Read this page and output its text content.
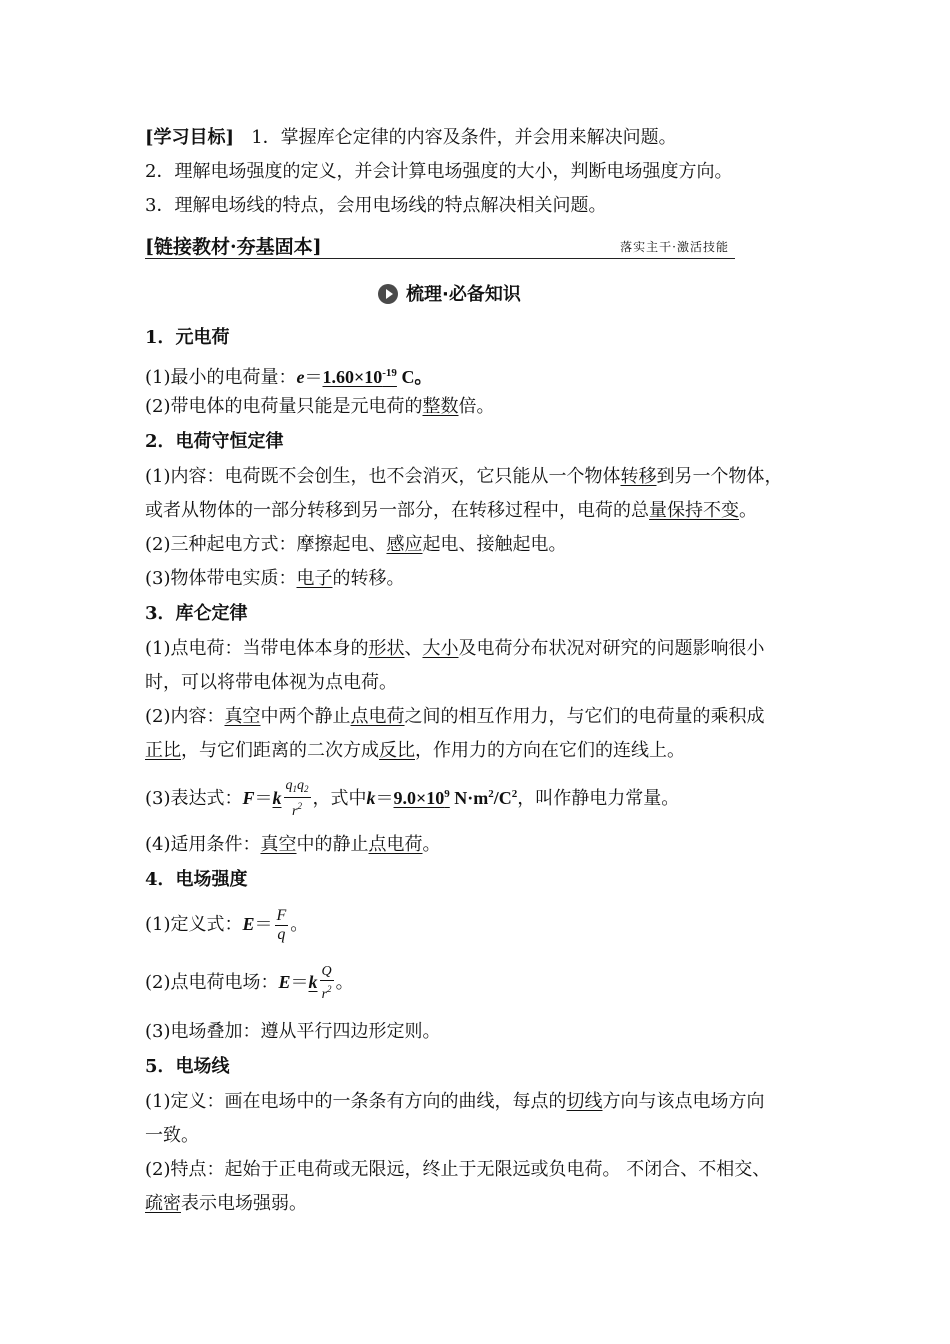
[学习目标] 1．掌握库仑定律的内容及条件，并会用来解决问题。
2．理解电场强度的定义，并会计算电场强度的大小，判断电场强度方向。
3．理解电场线的特点，会用电场线的特点解决相关问题。
[链接教材·夯基固本]	落实主干·激活技能
梳理·必备知识
1．元电荷
(1)最小的电荷量：$e=1.60\times 10^{-19}$ C。
(2)带电体的电荷量只能是元电荷的整数倍。
2．电荷守恒定律
(1)内容：电荷既不会创生，也不会消灭，它只能从一个物体转移到另一个物体，
或者从物体的一部分转移到另一部分，在转移过程中，电荷的总量保持不变。
(2)三种起电方式：摩擦起电、感应起电、接触起电。
(3)物体带电实质：电子的转移。
3．库仑定律
(1)点电荷：当带电体本身的形状、大小及电荷分布状况对研究的问题影响很小
时，可以将带电体视为点电荷。
(2)内容：真空中两个静止点电荷之间的相互作用力，与它们的电荷量的乘积成
正比，与它们距离的二次方成反比，作用力的方向在它们的连线上。
(3)表达式：$F=k \frac{q_1q_2}{r^2}$ ，式中$k=9.0\times 10^9$ $N\cdot m^2/C^2$，叫作静电力常量。
(4)适用条件：真空中的静止点电荷。
4．电场强度
(1)定义式：$E= \frac{F}{q}$ 。
(2)点电荷电场：$E=k \frac{Q}{r^2}$ 。
(3)电场叠加：遵从平行四边形定则。
5．电场线
(1)定义：画在电场中的一条条有方向的曲线，每点的切线方向与该点电场方向
一致。
(2)特点：起始于正电荷或无限远，终止于无限远或负电荷。 不闭合、不相交、
疏密表示电场强弱。
